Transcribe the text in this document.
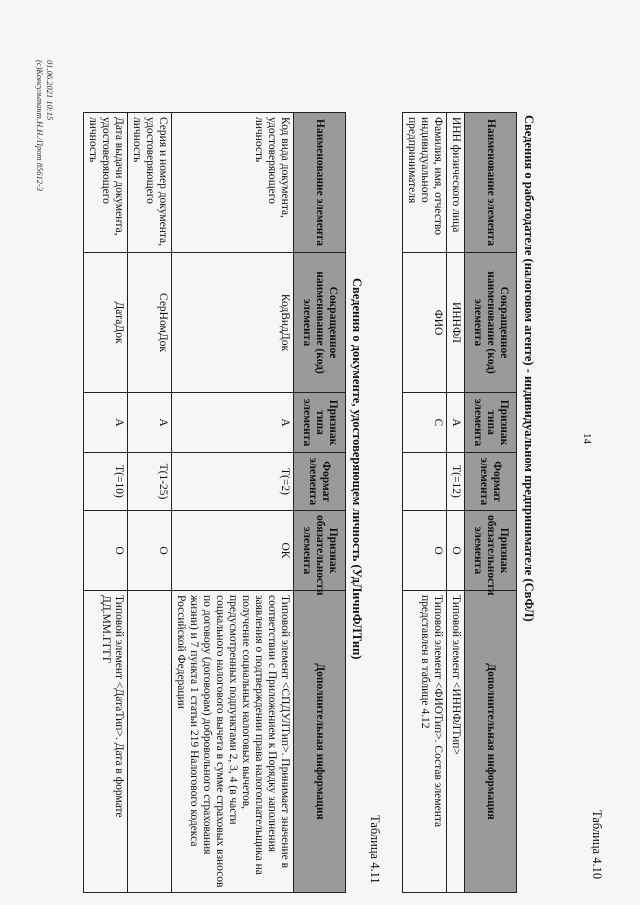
14
Таблица 4.10
Сведения о работодателе (налоговом агенте) - индивидуальном предпринимателе (СвФЛ)
Наименование элемента	Сокращенное наименование (код) элемента	Признак типа элемента	Формат элемента	Признак обязательности элемента	Дополнительная информация
ИНН физического лица	ИННФЛ	А	T(=12)	О	Типовой элемент <ИННФЛТип>
Фамилия, имя, отчество индивидуального предпринимателя	ФИО	С		О	Типовой элемент <ФИОТип>. Состав элемента представлен в таблице 4.12
Таблица 4.11
Сведения о документе, удостоверяющем личность (УдЛичнФЛТип)
Наименование элемента	Сокращенное наименование (код) элемента	Признак типа элемента	Формат элемента	Признак обязательности элемента	Дополнительная информация
Код вида документа, удостоверяющего личность	КодВидДок	А	T(=2)	ОК	Типовой элемент <СПДУЛТип>. Принимает значение в соответствии с Приложением к Порядку заполнения заявления о подтверждении права налогоплательщика на получение социальных налоговых вычетов, предусмотренных подпунктами 2, 3, 4 (в части социального налогового вычета в сумме страховых взносов по договору (договорам) добровольного страхования жизни) и 7 пункта 1 статьи 219 Налогового кодекса Российской Федерации
Серия и номер документа, удостоверяющего личность	СерНомДок	А	T(1-25)	О	
Дата выдачи документа, удостоверяющего личность	ДатаДок	А	T(=10)	О	Типовой элемент <ДатаТип>. Дата в формате ДД.ММ.ГГГГ
01.06.2021 10:15
(c)Консультант.Н.Н./Прот 85612-3
